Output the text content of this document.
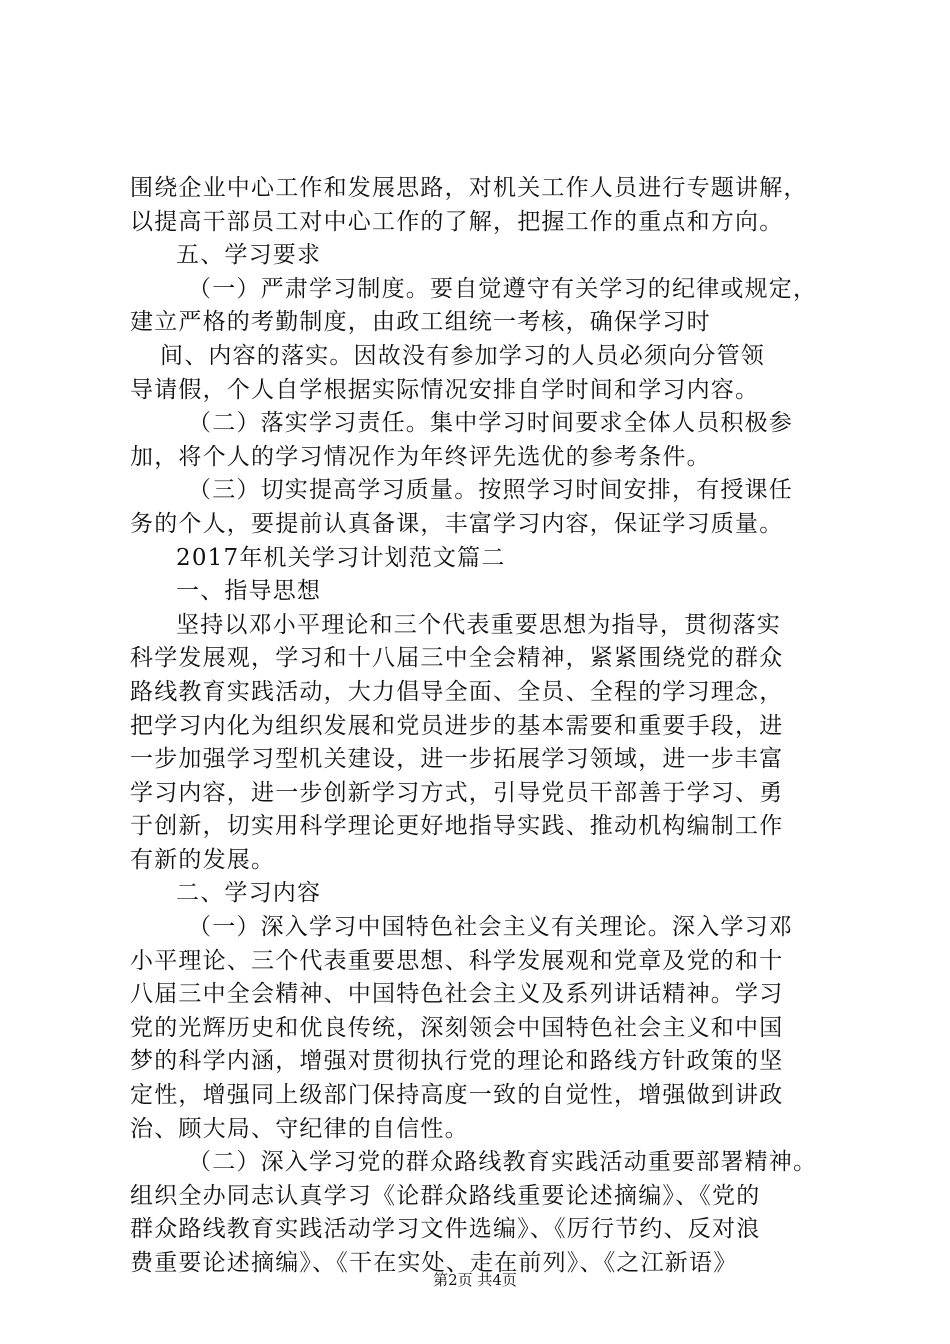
围绕企业中心工作和发展思路，对机关工作人员进行专题讲解，
以提高干部员工对中心工作的了解，把握工作的重点和方向。
五、学习要求
（一）严肃学习制度。要自觉遵守有关学习的纪律或规定，
建立严格的考勤制度，由政工组统一考核，确保学习时
间、内容的落实。因故没有参加学习的人员必须向分管领
导请假，个人自学根据实际情况安排自学时间和学习内容。
（二）落实学习责任。集中学习时间要求全体人员积极参
加，将个人的学习情况作为年终评先选优的参考条件。
（三）切实提高学习质量。按照学习时间安排，有授课任
务的个人，要提前认真备课，丰富学习内容，保证学习质量。
2017年机关学习计划范文篇二
一、指导思想
坚持以邓小平理论和三个代表重要思想为指导，贯彻落实
科学发展观，学习和十八届三中全会精神，紧紧围绕党的群众
路线教育实践活动，大力倡导全面、全员、全程的学习理念，
把学习内化为组织发展和党员进步的基本需要和重要手段，进
一步加强学习型机关建设，进一步拓展学习领域，进一步丰富
学习内容，进一步创新学习方式，引导党员干部善于学习、勇
于创新，切实用科学理论更好地指导实践、推动机构编制工作
有新的发展。
二、学习内容
（一）深入学习中国特色社会主义有关理论。深入学习邓
小平理论、三个代表重要思想、科学发展观和党章及党的和十
八届三中全会精神、中国特色社会主义及系列讲话精神。学习
党的光辉历史和优良传统，深刻领会中国特色社会主义和中国
梦的科学内涵，增强对贯彻执行党的理论和路线方针政策的坚
定性，增强同上级部门保持高度一致的自觉性，增强做到讲政
治、顾大局、守纪律的自信性。
（二）深入学习党的群众路线教育实践活动重要部署精神。
组织全办同志认真学习《论群众路线重要论述摘编》、《党的
群众路线教育实践活动学习文件选编》、《厉行节约、反对浪
费重要论述摘编》、《干在实处、走在前列》、《之江新语》
第2页 共4页
